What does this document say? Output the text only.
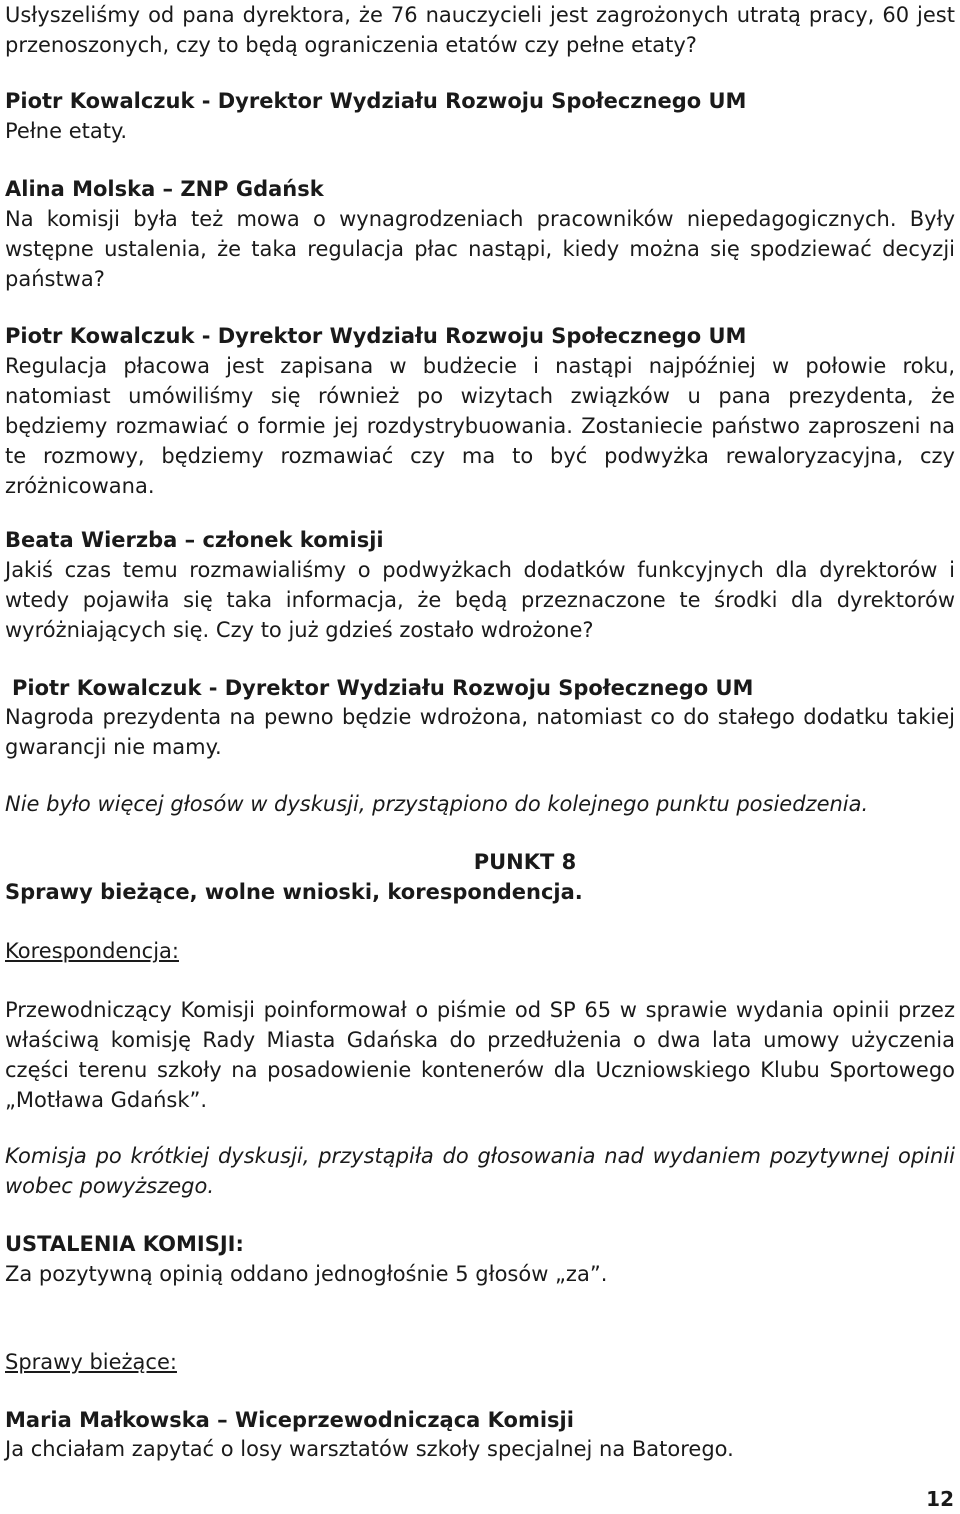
Usłyszeliśmy od pana dyrektora, że 76 nauczycieli jest zagrożonych utratą pracy, 60 jest przenoszonych, czy to będą ograniczenia etatów czy pełne etaty?

Piotr Kowalczuk - Dyrektor Wydziału Rozwoju Społecznego UM

Pełne etaty.

Alina Molska – ZNP Gdańsk

Na komisji była też mowa o wynagrodzeniach pracowników niepedagogicznych. Były wstępne ustalenia, że taka regulacja płac nastąpi, kiedy można się spodziewać decyzji państwa?

Piotr Kowalczuk - Dyrektor Wydziału Rozwoju Społecznego UM

Regulacja płacowa jest zapisana w budżecie i nastąpi najpóźniej w połowie roku, natomiast umówiliśmy się również po wizytach związków u pana prezydenta, że będziemy rozmawiać o formie jej rozdystrybuowania. Zostaniecie państwo zaproszeni na te rozmowy, będziemy rozmawiać czy ma to być podwyżka rewaloryzacyjna, czy zróżnicowana.

Beata Wierzba – członek komisji

Jakiś czas temu rozmawialiśmy o podwyżkach dodatków funkcyjnych dla dyrektorów i wtedy pojawiła się taka informacja, że będą przeznaczone te środki dla dyrektorów wyróżniających się. Czy to już gdzieś zostało wdrożone?

Piotr Kowalczuk - Dyrektor Wydziału Rozwoju Społecznego UM

Nagroda prezydenta na pewno będzie wdrożona, natomiast co do stałego dodatku takiej gwarancji nie mamy.

Nie było więcej głosów w dyskusji, przystąpiono do kolejnego punktu posiedzenia.

PUNKT 8

Sprawy bieżące, wolne wnioski, korespondencja.

Korespondencja:

Przewodniczący Komisji poinformował o piśmie od SP 65 w sprawie wydania opinii przez właściwą komisję Rady Miasta Gdańska do przedłużenia o dwa lata umowy użyczenia części terenu szkoły na posadowienie kontenerów dla Uczniowskiego Klubu Sportowego „Motława Gdańsk”.

Komisja po krótkiej dyskusji, przystąpiła do głosowania nad wydaniem pozytywnej opinii wobec powyższego.

USTALENIA KOMISJI:

Za pozytywną opinią oddano jednogłośnie 5 głosów „za”.

Sprawy bieżące:

Maria Małkowska – Wiceprzewodnicząca Komisji

Ja chciałam zapytać o losy warsztatów szkoły specjalnej na Batorego.

12
